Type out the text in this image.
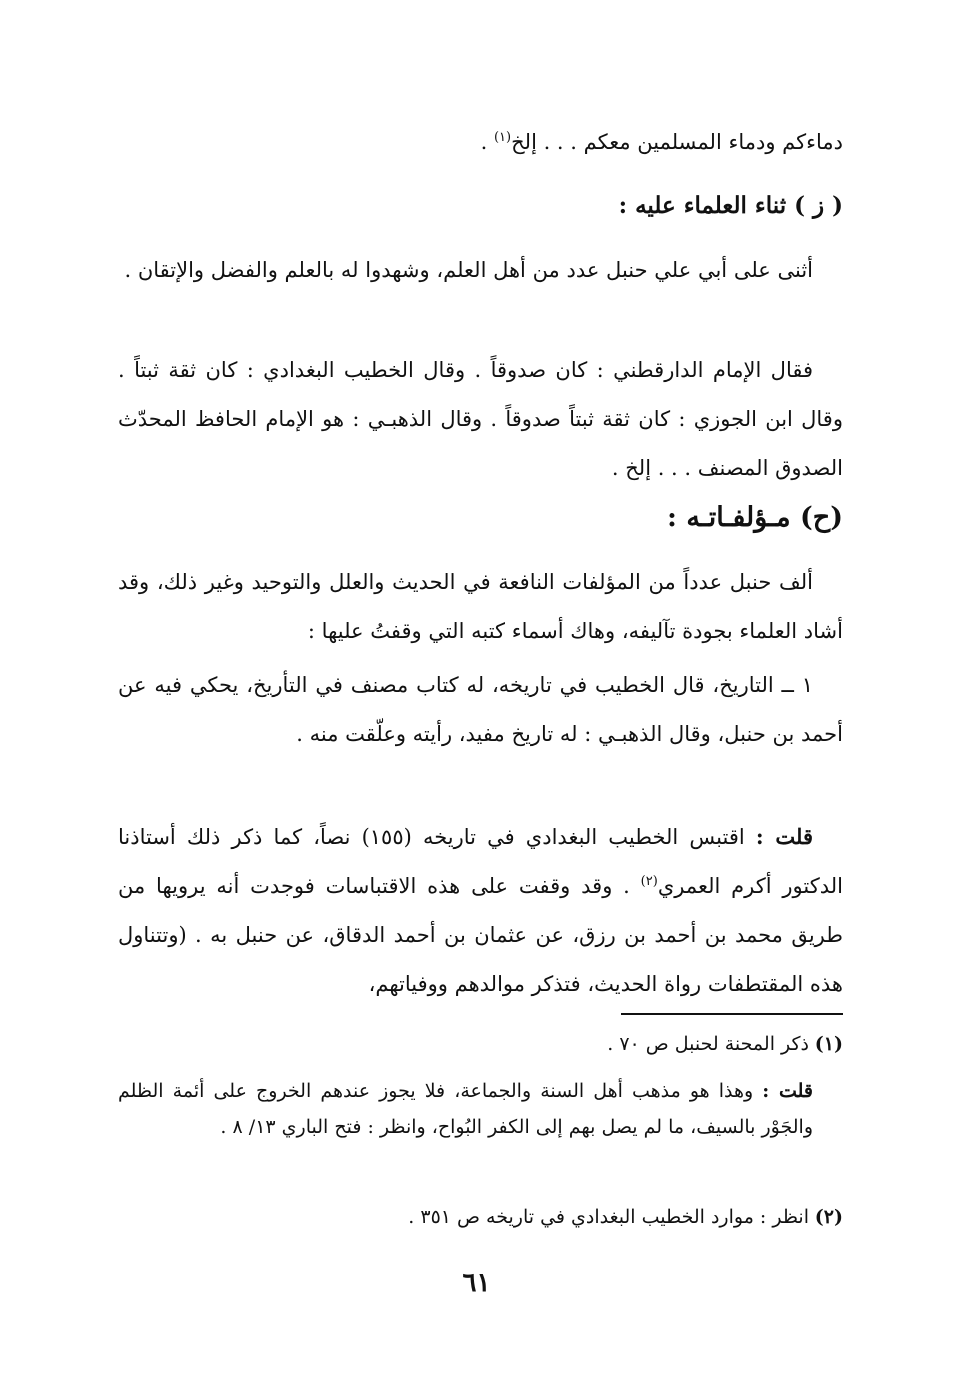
دماءكم ودماء المسلمين معكم . . . إلخ$^{(١)}$ .
( ز ) ثناء العلماء عليه :
أثنى على أبي علي حنبل عدد من أهل العلم، وشهدوا له بالعلم والفضل والإتقان .
فقال الإمام الدارقطني : كان صدوقاً . وقال الخطيب البغدادي : كان ثقة ثبتاً . وقال ابن الجوزي : كان ثقة ثبتاً صدوقاً . وقال الذهبـي : هو الإمام الحافظ المحدّث الصدوق المصنف . . . إلخ .
(ح) مـؤلفـاتـه :
ألف حنبل عدداً من المؤلفات النافعة في الحديث والعلل والتوحيد وغير ذلك، وقد أشاد العلماء بجودة تآليفه، وهاك أسماء كتبه التي وقفتُ عليها :
١ ــ التاريخ، قال الخطيب في تاريخه، له كتاب مصنف في التأريخ، يحكي فيه عن أحمد بن حنبل، وقال الذهبـي : له تاريخ مفيد، رأيته وعلّقت منه .
قلت : اقتبس الخطيب البغدادي في تاريخه (١٥٥) نصاً، كما ذكر ذلك أستاذنا الدكتور أكرم العمري$^{(٢)}$ . وقد وقفت على هذه الاقتباسات فوجدت أنه يرويها من طريق محمد بن أحمد بن رزق، عن عثمان بن أحمد الدقاق، عن حنبل به . (وتتناول هذه المقتطفات رواة الحديث، فتذكر موالدهم ووفياتهم،
(١)ذكر المحنة لحنبل ص ٧٠ .
قلت : وهذا هو مذهب أهل السنة والجماعة، فلا يجوز عندهم الخروج على أئمة الظلم والجَوْر بالسيف، ما لم يصل بهم إلى الكفر البُواح، وانظر : فتح الباري ١٣/ ٨ .
(٢)انظر : موارد الخطيب البغدادي في تاريخه ص ٣٥١ .
٦١
